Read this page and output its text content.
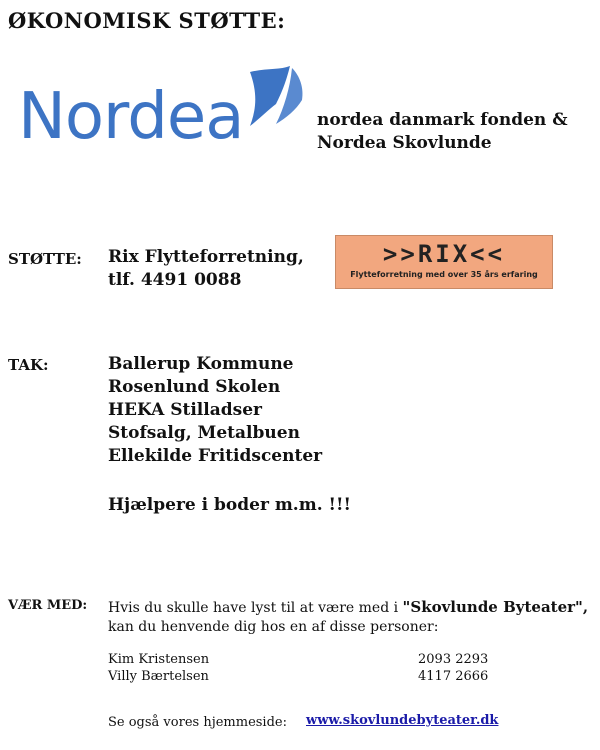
ØKONOMISK STØTTE:
Nordea	nordea danmark fonden &
Nordea Skovlunde
STØTTE: Rix Flytteforretning,
tlf. 4491 0088
>>RIX<<
Flytteforretning med over 35 års erfaring
TAK:	Ballerup Kommune
Rosenlund Skolen
HEKA Stilladser
Stofsalg, Metalbuen
Ellekilde Fritidscenter
Hjælpere i boder m.m. !!!
VÆR MED: Hvis du skulle have lyst til at være med i "Skovlunde Byteater",
kan du henvende dig hos en af disse personer:
Kim Kristensen	2093 2293
Villy Bærtelsen	4117 2666
Se også vores hjemmeside: www.skovlundebyteater.dk
